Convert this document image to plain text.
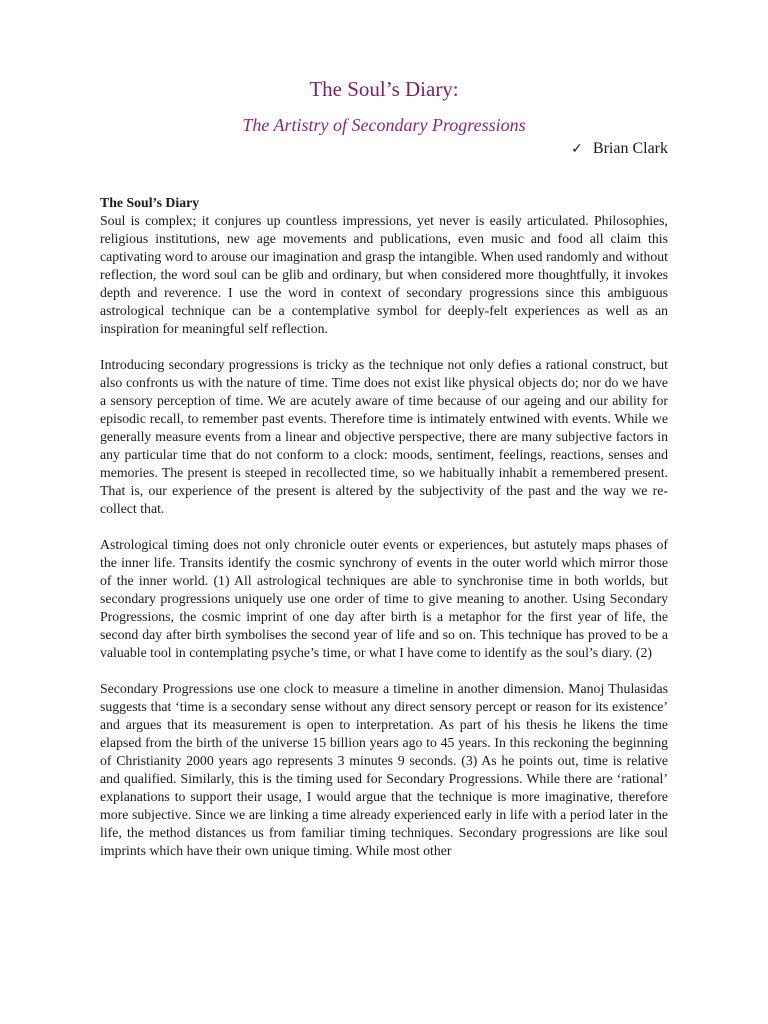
The Soul’s Diary:
The Artistry of Secondary Progressions
✓ Brian Clark

The Soul’s Diary

Soul is complex; it conjures up countless impressions, yet never is easily articulated. Philosophies, religious institutions, new age movements and publications, even music and food all claim this captivating word to arouse our imagination and grasp the intangible. When used randomly and without reflection, the word soul can be glib and ordinary, but when considered more thoughtfully, it invokes depth and reverence. I use the word in context of secondary progressions since this ambiguous astrological technique can be a contemplative symbol for deeply-felt experiences as well as an inspiration for meaningful self reflection.

Introducing secondary progressions is tricky as the technique not only defies a rational construct, but also confronts us with the nature of time. Time does not exist like physical objects do; nor do we have a sensory perception of time. We are acutely aware of time because of our ageing and our ability for episodic recall, to remember past events. Therefore time is intimately entwined with events. While we generally measure events from a linear and objective perspective, there are many subjective factors in any particular time that do not conform to a clock: moods, sentiment, feelings, reactions, senses and memories. The present is steeped in recollected time, so we habitually inhabit a remembered present. That is, our experience of the present is altered by the subjectivity of the past and the way we re-collect that.

Astrological timing does not only chronicle outer events or experiences, but astutely maps phases of the inner life. Transits identify the cosmic synchrony of events in the outer world which mirror those of the inner world. (1) All astrological techniques are able to synchronise time in both worlds, but secondary progressions uniquely use one order of time to give meaning to another. Using Secondary Progressions, the cosmic imprint of one day after birth is a metaphor for the first year of life, the second day after birth symbolises the second year of life and so on. This technique has proved to be a valuable tool in contemplating psyche’s time, or what I have come to identify as the soul’s diary. (2)

Secondary Progressions use one clock to measure a timeline in another dimension. Manoj Thulasidas suggests that ‘time is a secondary sense without any direct sensory percept or reason for its existence’ and argues that its measurement is open to interpretation. As part of his thesis he likens the time elapsed from the birth of the universe 15 billion years ago to 45 years. In this reckoning the beginning of Christianity 2000 years ago represents 3 minutes 9 seconds. (3) As he points out, time is relative and qualified. Similarly, this is the timing used for Secondary Progressions. While there are ‘rational’ explanations to support their usage, I would argue that the technique is more imaginative, therefore more subjective. Since we are linking a time already experienced early in life with a period later in the life, the method distances us from familiar timing techniques. Secondary progressions are like soul imprints which have their own unique timing. While most other
